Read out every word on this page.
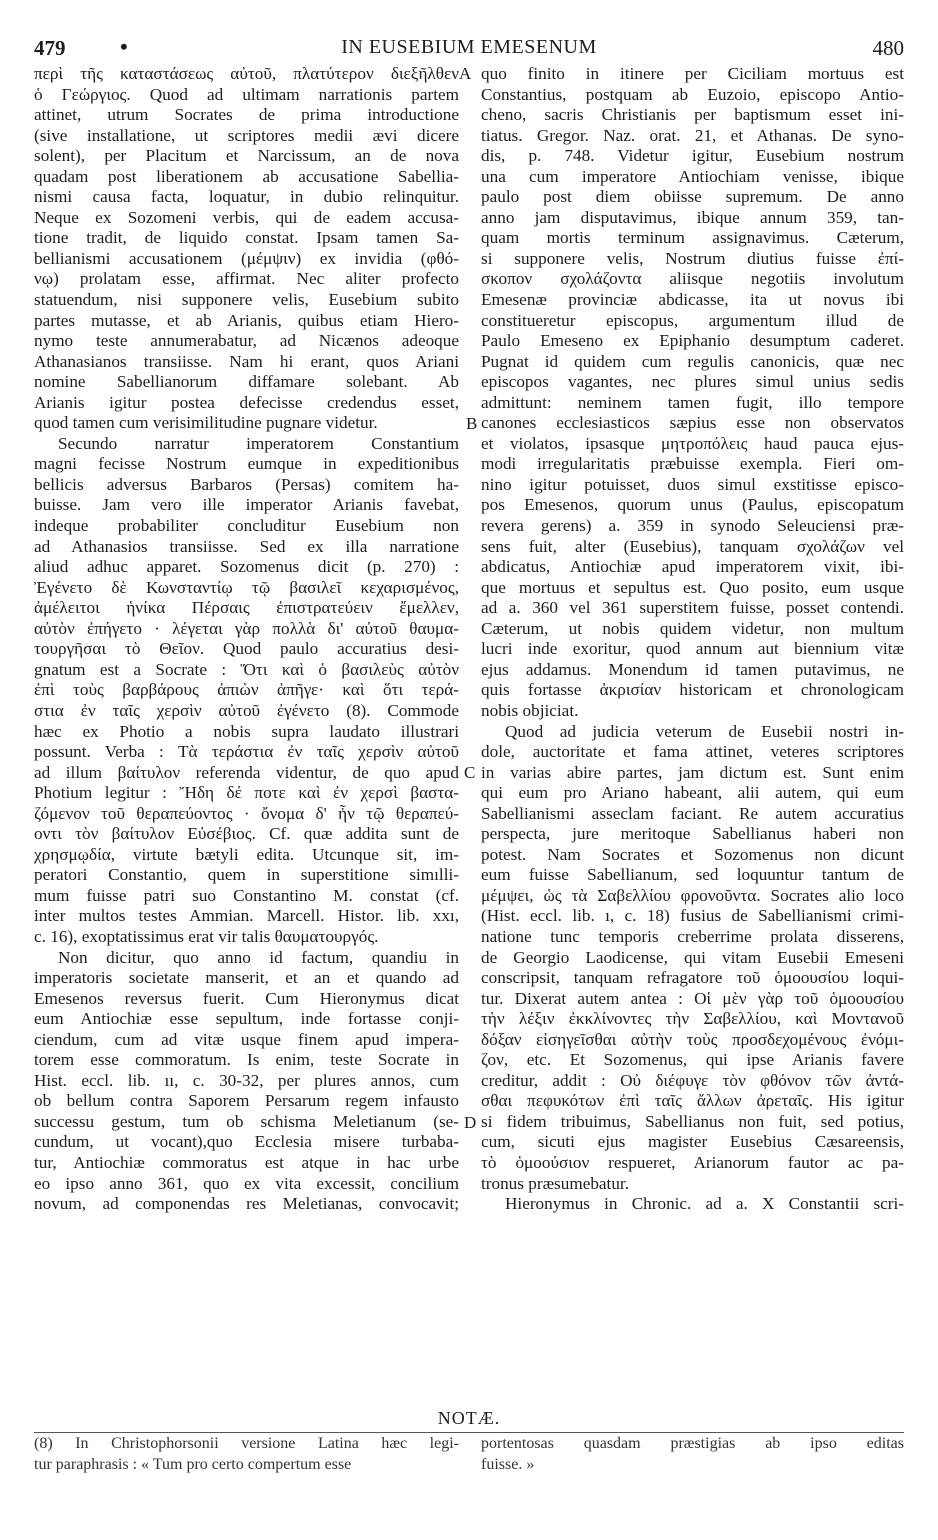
479 •	IN EUSEBIUM EMESENUM	480
περὶ τῆς καταστάσεως αὐτοῦ, πλατύτερον διεξῆλθεν
ὁ Γεώργιος. Quod ad ultimam narrationis partem
attinet, utrum Socrates de prima introductione
(sive installatione, ut scriptores medii ævi dicere
solent), per Placitum et Narcissum, an de nova
quadam post liberationem ab accusatione Sabellia-
nismi causa facta, loquatur, in dubio relinquitur.
Neque ex Sozomeni verbis, qui de eadem accusa-
tione tradit, de liquido constat. Ipsam tamen Sa-
bellianismi accusationem (μέμψιν) ex invidia (φθό-
νῳ) prolatam esse, affirmat. Nec aliter profecto
statuendum, nisi supponere velis, Eusebium subito
partes mutasse, et ab Arianis, quibus etiam Hiero-
nymo teste annumerabatur, ad Nicænos adeoque
Athanasianos transiisse. Nam hi erant, quos Ariani
nomine Sabellianorum diffamare solebant. Ab
Arianis igitur postea defecisse credendus esset,
quod tamen cum verisimilitudine pugnare videtur.
Secundo narratur imperatorem Constantium
magni fecisse Nostrum eumque in expeditionibus
bellicis adversus Barbaros (Persas) comitem ha-
buisse. Jam vero ille imperator Arianis favebat,
indeque probabiliter concluditur Eusebium non
ad Athanasios transiisse. Sed ex illa narratione
aliud adhuc apparet. Sozomenus dicit (p. 270) :
Ἐγένετο δὲ Κωνσταντίῳ τῷ βασιλεῖ κεχαρισμένος,
ἀμέλειτοι ἡνίκα Πέρσαις ἐπιστρατεύειν ἔμελλεν,
αὐτὸν ἐπήγετο · λέγεται γὰρ πολλὰ δι' αὐτοῦ θαυμα-
τουργῆσαι τὸ Θεῖον. Quod paulo accuratius desi-
gnatum est a Socrate : Ὅτι καὶ ὁ βασιλεὺς αὐτὸν
ἐπὶ τοὺς βαρβάρους ἀπιὼν ἀπῆγε· καὶ ὅτι τερά-
στια ἐν ταῖς χερσὶν αὐτοῦ ἐγένετο (8). Commode
hæc ex Photio a nobis supra laudato illustrari
possunt. Verba : Τὰ τεράστια ἐν ταῖς χερσὶν αὐτοῦ
ad illum βαίτυλον referenda videntur, de quo apud
Photium legitur : Ἤδη δέ ποτε καὶ ἐν χερσὶ βαστα-
ζόμενον τοῦ θεραπεύοντος · ὄνομα δ' ἦν τῷ θεραπεύ-
οντι τὸν βαίτυλον Εὐσέβιος. Cf. quæ addita sunt de
χρησμῳδία, virtute bætyli edita. Utcunque sit, im-
peratori Constantio, quem in superstitione simılli-
mum fuisse patri suo Constantino M. constat (cf.
inter multos testes Ammian. Marcell. Histor. lib. xxı,
c. 16), exoptatissimus erat vir talis θαυματουργός.
Non dicitur, quo anno id factum, quandiu in
imperatoris societate manserit, et an et quando ad
Emesenos reversus fuerit. Cum Hieronymus dicat
eum Antiochiæ esse sepultum, inde fortasse conji-
ciendum, cum ad vitæ usque finem apud impera-
torem esse commoratum. Is enim, teste Socrate in
Hist. eccl. lib. ıı, c. 30-32, per plures annos, cum
ob bellum contra Saporem Persarum regem infausto
successu gestum, tum ob schisma Meletianum (se-
cundum, ut vocant),quo Ecclesia misere turbaba-
tur, Antiochiæ commoratus est atque in hac urbe
eo ipso anno 361, quo ex vita excessit, concilium
novum, ad componendas res Meletianas, convocavit;
quo finito in itinere per Ciciliam mortuus est
Constantius, postquam ab Euzoio, episcopo Antio-
cheno, sacris Christianis per baptismum esset ini-
tiatus. Gregor. Naz. orat. 21, et Athanas. De syno-
dis, p. 748. Videtur igitur, Eusebium nostrum
una cum imperatore Antiochiam venisse, ibique
paulo post diem obiisse supremum. De anno
anno jam disputavimus, ibique annum 359, tan-
quam mortis terminum assignavimus. Cæterum,
si supponere velis, Nostrum diutius fuisse ἐπί-
σκοπον σχολάζοντα aliisque negotiis involutum
Emesenæ provinciæ abdicasse, ita ut novus ibi
constitueretur episcopus, argumentum illud de
Paulo Emeseno ex Epiphanio desumptum caderet.
Pugnat id quidem cum regulis canonicis, quæ nec
episcopos vagantes, nec plures simul unius sedis
admittunt: neminem tamen fugit, illo tempore
canones ecclesiasticos sæpius esse non observatos
et violatos, ipsasque μητροπόλεις haud pauca ejus-
modi irregularitatis præbuisse exempla. Fieri om-
nino igitur potuisset, duos simul exstitisse episco-
pos Emesenos, quorum unus (Paulus, episcopatum
revera gerens) a. 359 in synodo Seleuciensi præ-
sens fuit, alter (Eusebius), tanquam σχολάζων vel
abdicatus, Antiochiæ apud imperatorem vixit, ibi-
que mortuus et sepultus est. Quo posito, eum usque
ad a. 360 vel 361 superstitem fuisse, posset contendi.
Cæterum, ut nobis quidem videtur, non multum
lucri inde exoritur, quod annum aut biennium vitæ
ejus addamus. Monendum id tamen putavimus, ne
quis fortasse ἀκρισίαν historicam et chronologicam
nobis objiciat.
Quod ad judicia veterum de Eusebii nostri in-
dole, auctoritate et fama attinet, veteres scriptores
in varias abire partes, jam dictum est. Sunt enim
qui eum pro Ariano habeant, alii autem, qui eum
Sabellianismi asseclam faciant. Re autem accuratius
perspecta, jure meritoque Sabellianus haberi non
potest. Nam Socrates et Sozomenus non dicunt
eum fuisse Sabellianum, sed loquuntur tantum de
μέμψει, ὡς τὰ Σαβελλίου φρονοῦντα. Socrates alio loco
(Hist. eccl. lib. ı, c. 18) fusius de Sabellianismi crimi-
natione tunc temporis creberrime prolata disserens,
de Georgio Laodicense, qui vitam Eusebii Emeseni
conscripsit, tanquam refragatore τοῦ ὁμοουσίου loqui-
tur. Dixerat autem antea : Οἱ μὲν γὰρ τοῦ ὁμοουσίου
τὴν λέξιν ἐκκλίνοντες τὴν Σαβελλίου, καὶ Μοντανοῦ
δόξαν εἰσηγεῖσθαι αὐτὴν τοὺς προσδεχομένους ἐνόμι-
ζον, etc. Et Sozomenus, qui ipse Arianis favere
creditur, addit : Οὐ διέφυγε τὸν φθόνον τῶν ἀντά-
σθαι πεφυκότων ἐπὶ ταῖς ἄλλων ἀρεταῖς. His igitur
si fidem tribuimus, Sabellianus non fuit, sed potius,
cum, sicuti ejus magister Eusebius Cæsareensis,
τὸ ὁμοούσιον respueret, Arianorum fautor ac pa-
tronus præsumebatur.
Hieronymus in Chronic. ad a. X Constantii scri-
A
B
C
D
NOTÆ.
(8) In Christophorsonii versione Latina hæc legi-
tur paraphrasis : « Tum pro certo compertum esse
portentosas quasdam præstigias ab ipso editas
fuisse. »
